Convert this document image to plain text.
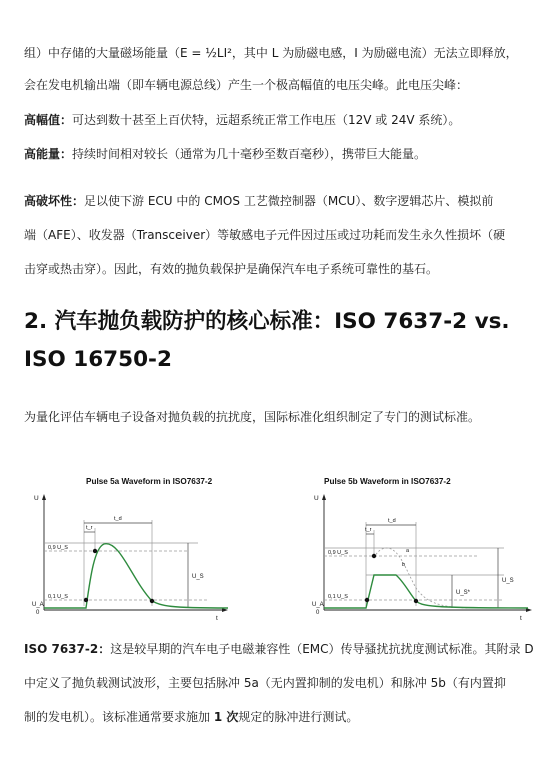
组）中存储的大量磁场能量（E = ½LI²，其中 L 为励磁电感，I 为励磁电流）无法立即释放，
会在发电机输出端（即车辆电源总线）产生一个极高幅值的电压尖峰。此电压尖峰：
高幅值：可达到数十甚至上百伏特，远超系统正常工作电压（12V 或 24V 系统）。
高能量：持续时间相对较长（通常为几十毫秒至数百毫秒），携带巨大能量。
高破坏性：足以使下游 ECU 中的 CMOS 工艺微控制器（MCU）、数字逻辑芯片、模拟前
端（AFE）、收发器（Transceiver）等敏感电子元件因过压或过功耗而发生永久性损坏（硬
击穿或热击穿）。因此，有效的抛负载保护是确保汽车电子系统可靠性的基石。
2. 汽车抛负载防护的核心标准：ISO 7637-2 vs.
ISO 16750-2
为量化评估车辆电子设备对抛负载的抗扰度，国际标准化组织制定了专门的测试标准。
Pulse 5a Waveform in ISO7637-2
U
t
0
U_A
t_d
t_r
0,9 U_S
0,1 U_S
U_S
Pulse 5b Waveform in ISO7637-2
U
t
0
U_A
t_d
t_r
0,9 U_S
0,1 U_S
U_S
U_S*
a
b
ISO 7637-2：这是较早期的汽车电子电磁兼容性（EMC）传导骚扰抗扰度测试标准。其附录 D
中定义了抛负载测试波形，主要包括脉冲 5a（无内置抑制的发电机）和脉冲 5b（有内置抑
制的发电机）。该标准通常要求施加 1 次规定的脉冲进行测试。
